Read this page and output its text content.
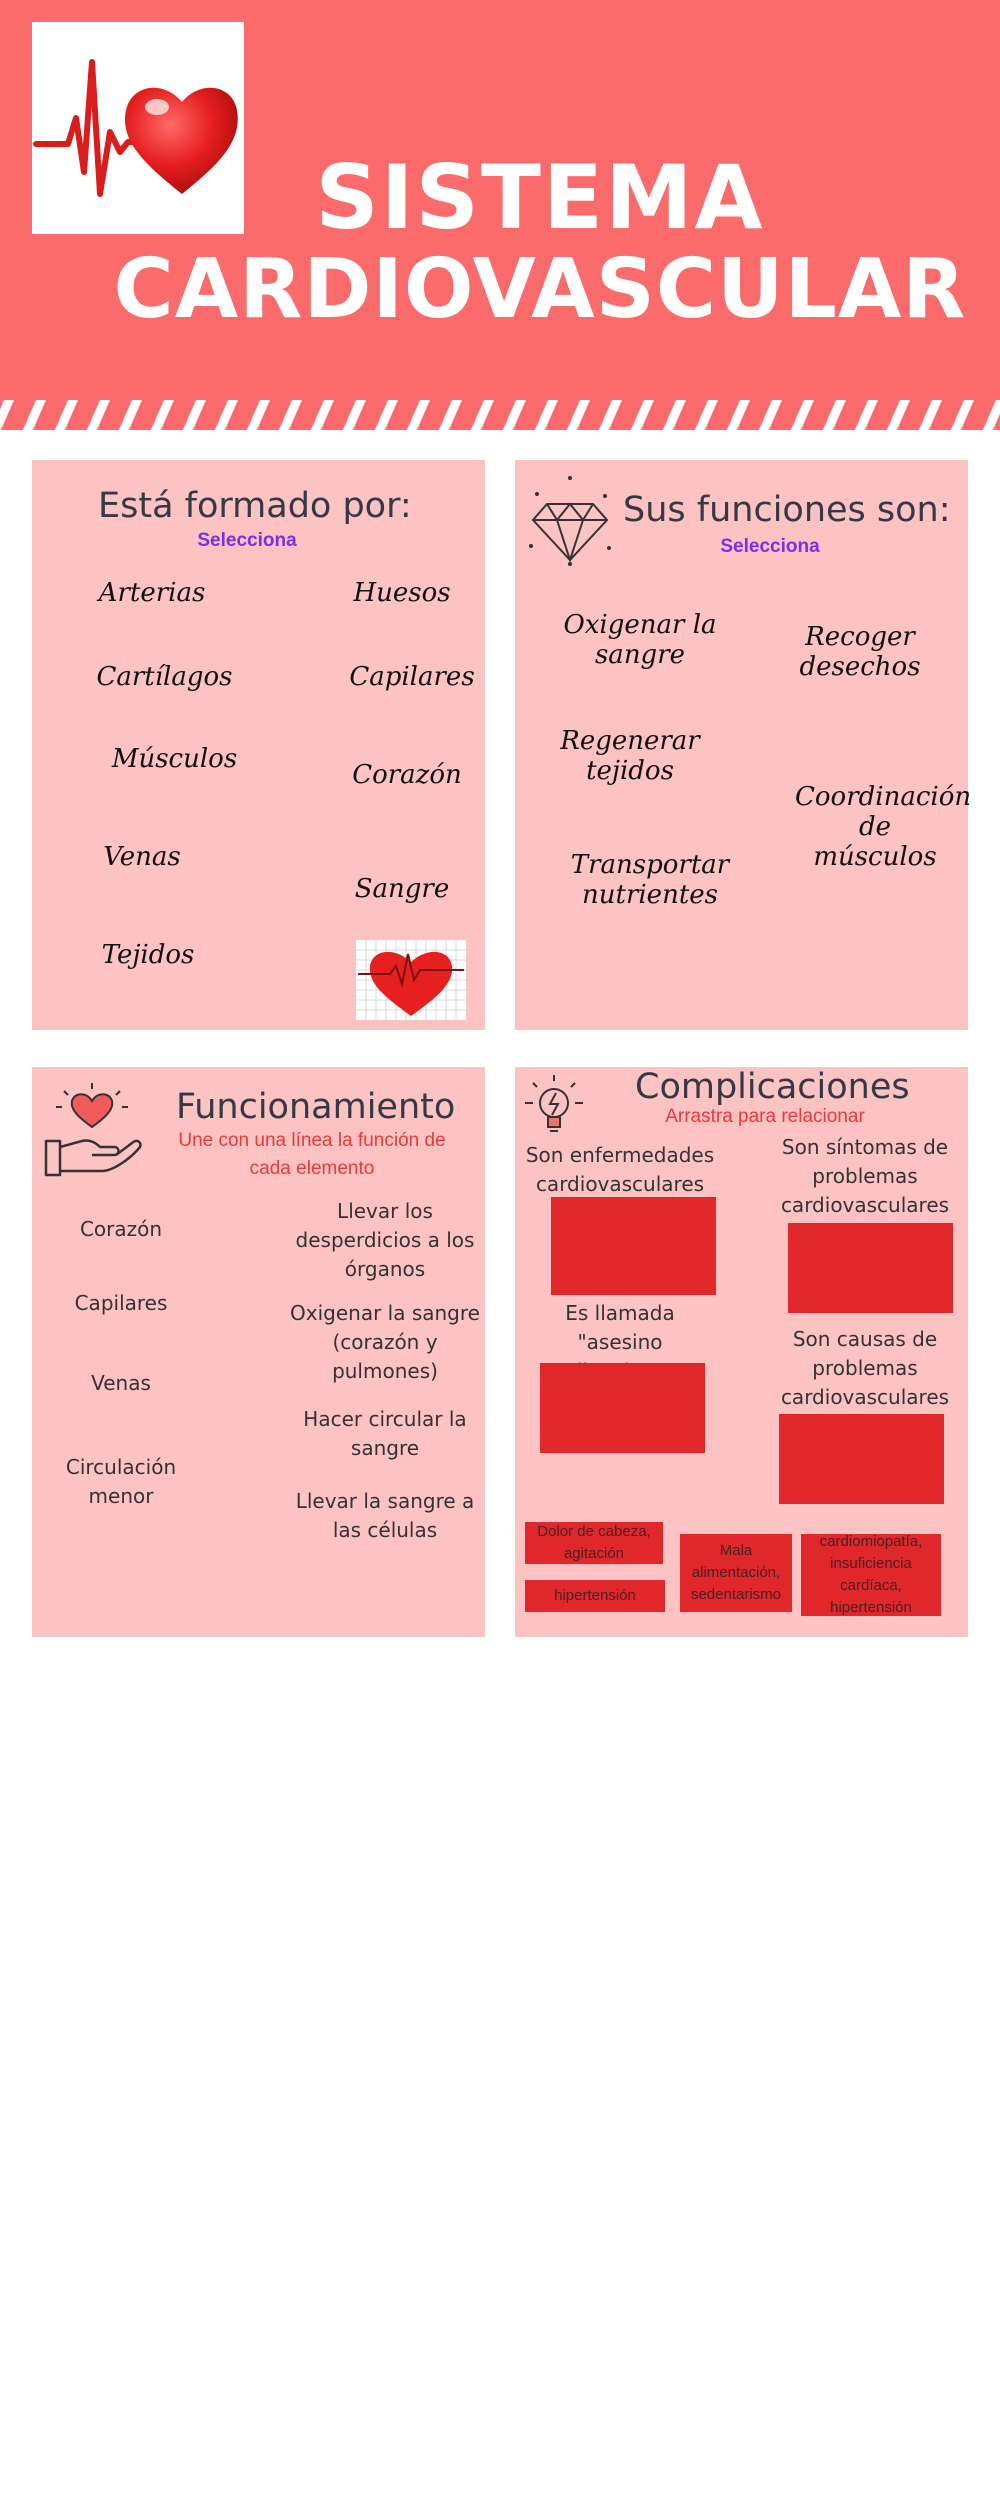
SISTEMA
CARDIOVASCULAR
Está formado por:
Selecciona
Arterias	Huesos
Cartílagos	Capilares
Músculos
Corazón
Venas
Sangre
Tejidos
Sus funciones son:
Selecciona
Oxigenar la sangre
Recoger desechos
Regenerar tejidos
Coordinación de músculos
Transportar nutrientes
Funcionamiento
Une con una línea la función de cada elemento
Corazón
Capilares
Venas
Circulación menor
Llevar los desperdicios a los órganos
Oxigenar la sangre (corazón y pulmones)
Hacer circular la sangre
Llevar la sangre a las células
Complicaciones
Arrastra para relacionar
Son enfermedades cardiovasculares
Son síntomas de problemas cardiovasculares
Es llamada "asesino	Son causas de problemas cardiovasculares
Dolor de cabeza, agitación
hipertensión
Mala alimentación, sedentarismo
cardiomiopatía, insuficiencia cardíaca, hipertensión
